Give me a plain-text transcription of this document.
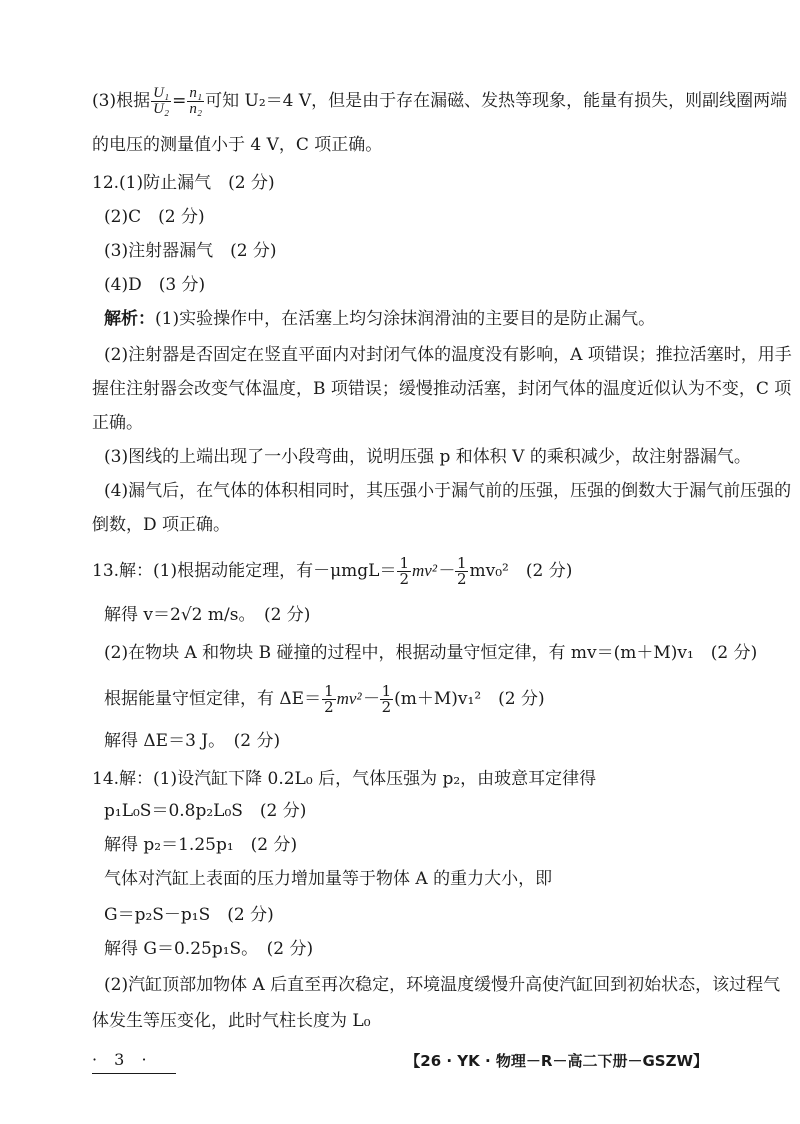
(3)根据 $\frac{\text{U₁}}{\text{U₂}} = \frac{\text{n₁}}{\text{n₂}}$ 可知 U₂＝4 V，但是由于存在漏磁、发热等现象，能量有损失，则副线圈两端
的电压的测量值小于 4 V，C 项正确。
12.(1)防止漏气　(2 分)
(2)C　(2 分)
(3)注射器漏气　(2 分)
(4)D　(3 分)
解析：(1)实验操作中，在活塞上均匀涂抹润滑油的主要目的是防止漏气。
(2)注射器是否固定在竖直平面内对封闭气体的温度没有影响，A 项错误；推拉活塞时，用手
握住注射器会改变气体温度，B 项错误；缓慢推动活塞，封闭气体的温度近似认为不变，C 项
正确。
(3)图线的上端出现了一小段弯曲，说明压强 p 和体积 V 的乘积减少，故注射器漏气。
(4)漏气后，在气体的体积相同时，其压强小于漏气前的压强，压强的倒数大于漏气前压强的
倒数，D 项正确。
13.解：(1)根据动能定理，有$-\mu mgL= \frac{1}{2} mv^2- \frac{1}{2} mv_0^2$　(2 分)
解得 v＝2√2 m/s。　(2 分)
(2)在物块 A 和物块 B 碰撞的过程中，根据动量守恒定律，有 mv＝(m＋M)v₁　(2 分)
根据能量守恒定律，有 $\Delta E= \frac{1}{2} mv^2- \frac{1}{2} (m+M)v_1^2$　(2 分)
解得 ΔE＝3 J。　(2 分)
14.解：(1)设汽缸下降 0.2L₀ 后，气体压强为 p₂，由玻意耳定律得
p₁L₀S＝0.8p₂L₀S　(2 分)
解得 p₂＝1.25p₁　(2 分)
气体对汽缸上表面的压力增加量等于物体 A 的重力大小，即
G＝p₂S－p₁S　(2 分)
解得 G＝0.25p₁S。　(2 分)
(2)汽缸顶部加物体 A 后直至再次稳定，环境温度缓慢升高使汽缸回到初始状态，该过程气
体发生等压变化，此时气柱长度为 L₀
· 3 ·	【26 · YK · 物理－R－高二下册－GSZW】
